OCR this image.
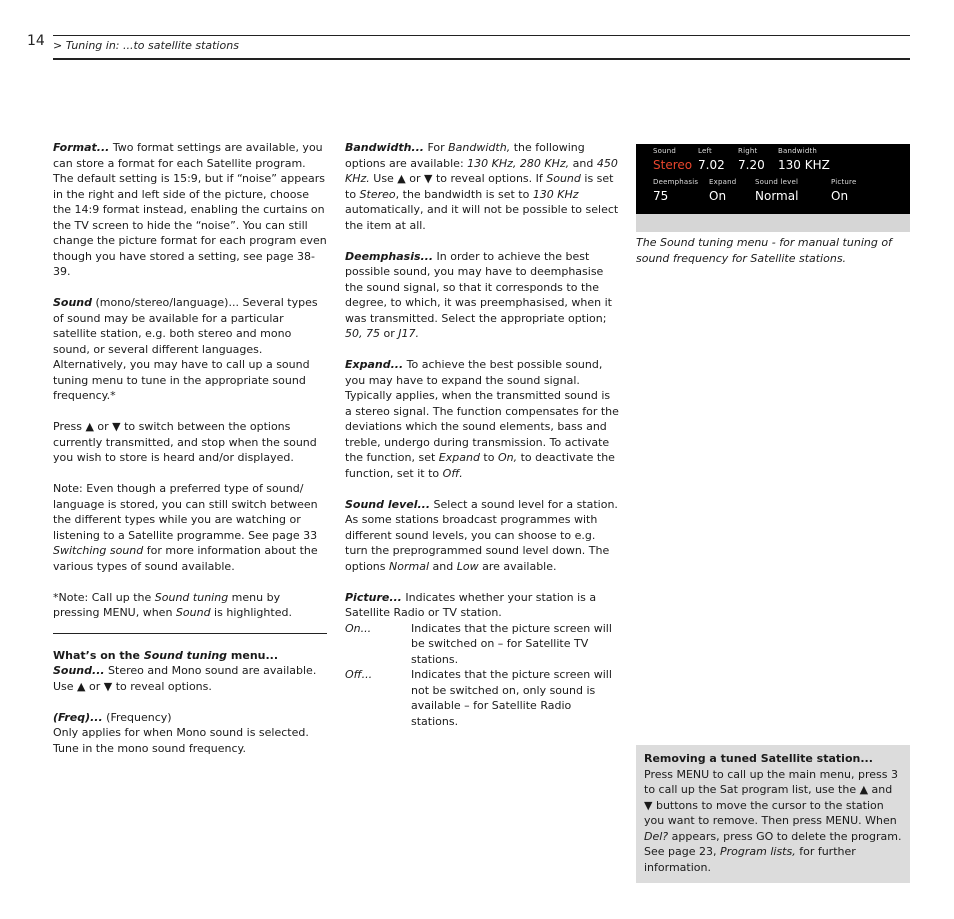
14 > Tuning in: ...to satellite stations

Format... Two format settings are available, you can store a format for each Satellite program. The default setting is 15:9, but if “noise” appears in the right and left side of the picture, choose the 14:9 format instead, enabling the curtains on the TV screen to hide the “noise”. You can still change the picture format for each program even though you have stored a setting, see page 38-39.

Sound (mono/stereo/language)... Several types of sound may be available for a particular satellite station, e.g. both stereo and mono sound, or several different languages. Alternatively, you may have to call up a sound tuning menu to tune in the appropriate sound frequency.*

Press ▲ or ▼ to switch between the options currently transmitted, and stop when the sound you wish to store is heard and/or displayed.

Note: Even though a preferred type of sound/ language is stored, you can still switch between the different types while you are watching or listening to a Satellite programme. See page 33 Switching sound for more information about the various types of sound available.

*Note: Call up the Sound tuning menu by pressing MENU, when Sound is highlighted.

What’s on the Sound tuning menu...

Sound... Stereo and Mono sound are available. Use ▲ or ▼ to reveal options.

(Freq)... (Frequency)

Only applies for when Mono sound is selected. Tune in the mono sound frequency.

Bandwidth... For Bandwidth, the following options are available: 130 KHz, 280 KHz, and 450 KHz. Use ▲ or ▼ to reveal options. If Sound is set to Stereo, the bandwidth is set to 130 KHz automatically, and it will not be possible to select the item at all.

Deemphasis... In order to achieve the best possible sound, you may have to deemphasise the sound signal, so that it corresponds to the degree, to which, it was preemphasised, when it was transmitted. Select the appropriate option; 50, 75 or J17.

Expand... To achieve the best possible sound, you may have to expand the sound signal. Typically applies, when the transmitted sound is a stereo signal. The function compensates for the deviations which the sound elements, bass and treble, undergo during transmission. To activate the function, set Expand to On, to deactivate the function, set it to Off.

Sound level... Select a sound level for a station. As some stations broadcast programmes with different sound levels, you can shoose to e.g. turn the preprogrammed sound level down. The options Normal and Low are available.

Picture... Indicates whether your station is a Satellite Radio or TV station.

On...	Indicates that the picture screen will be switched on – for Satellite TV stations.
Off...	Indicates that the picture screen will not be switched on, only sound is available – for Satellite Radio stations.
Sound
Stereo
Left
7.02
Right
7.20
Bandwidth
130 KHZ
Deemphasis
75
Expand
On
Sound level
Normal
Picture
On
The Sound tuning menu - for manual tuning of sound frequency for Satellite stations.
Removing a tuned Satellite station...

Press MENU to call up the main menu, press 3 to call up the Sat program list, use the ▲ and ▼ buttons to move the cursor to the station you want to remove. Then press MENU. When Del? appears, press GO to delete the program. See page 23, Program lists, for further information.
